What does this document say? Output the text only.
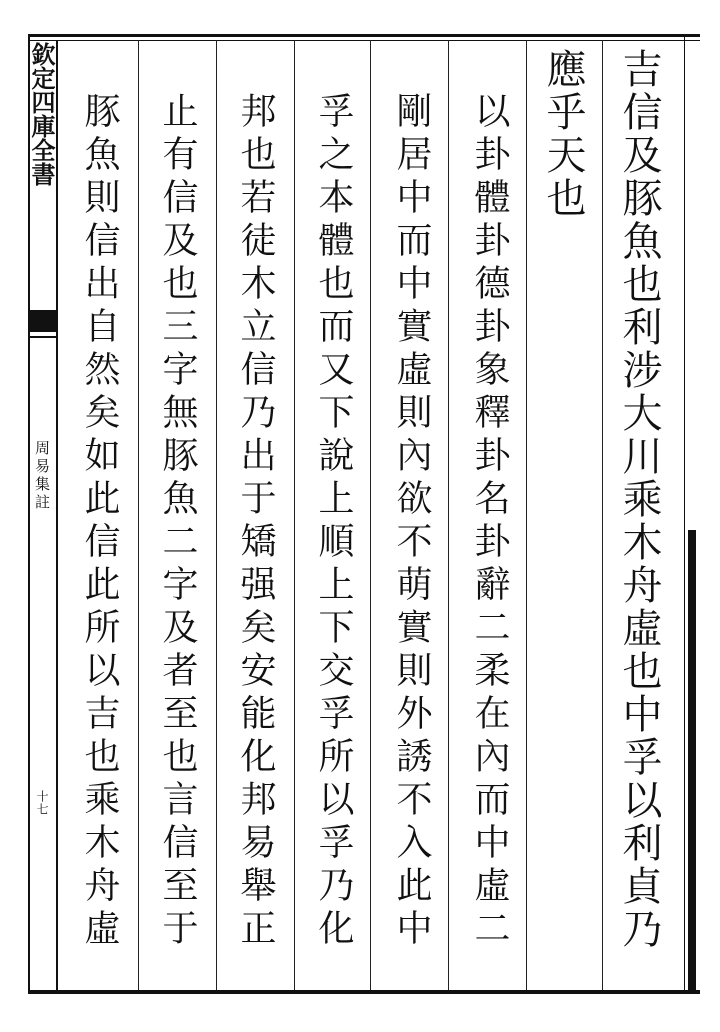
欽定四庫全書
周易集註
十七	吉信及豚魚也利涉大川乘木舟虛也中孚以利貞乃
應乎天也
以卦體卦德卦象釋卦名卦辭二柔在內而中虛二
剛居中而中實虛則內欲不萌實則外誘不入此中
孚之本體也而又下說上順上下交孚所以孚乃化
邦也若徒木立信乃出于矯强矣安能化邦易舉正
止有信及也三字無豚魚二字及者至也言信至于
豚魚則信出自然矣如此信此所以吉也乘木舟虛
